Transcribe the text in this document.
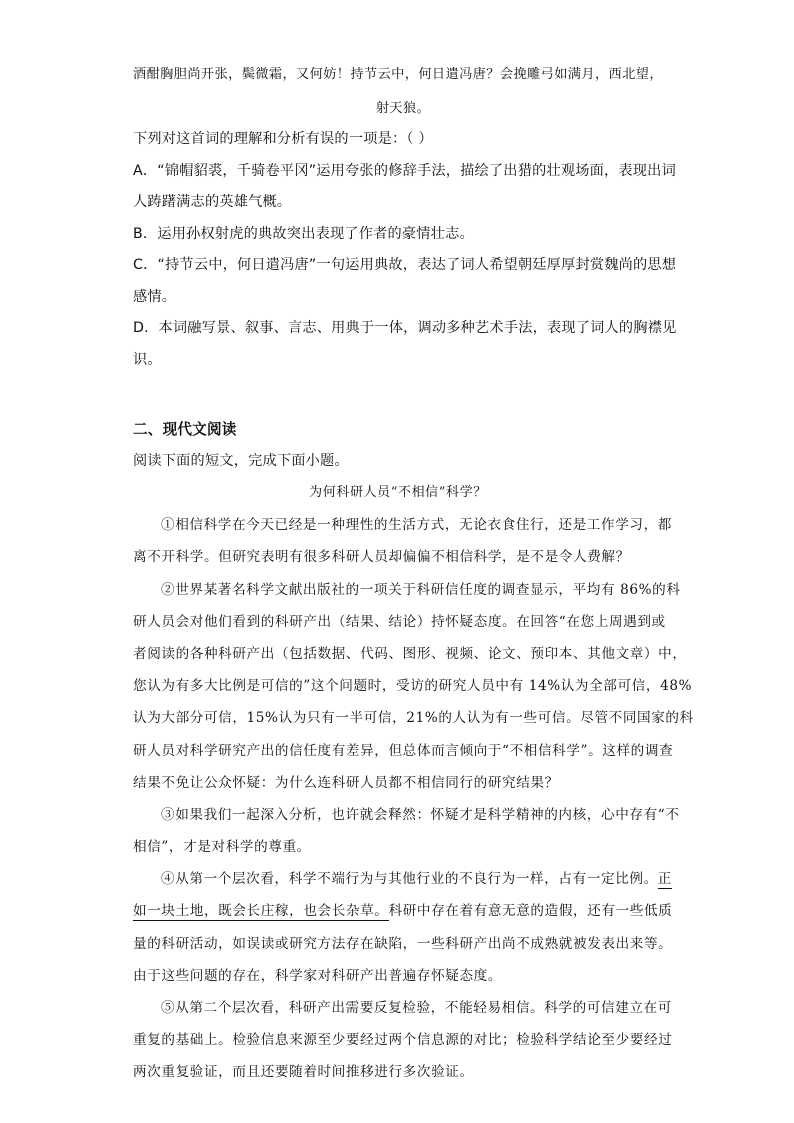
酒酣胸胆尚开张，鬓微霜，又何妨！持节云中，何日遣冯唐？会挽雕弓如满月，西北望，
射天狼。
下列对这首词的理解和分析有误的一项是：（ ）
A．“锦帽貂裘，千骑卷平冈”运用夸张的修辞手法，描绘了出猎的壮观场面，表现出词
人踌躇满志的英雄气概。
B．运用孙权射虎的典故突出表现了作者的豪情壮志。
C．“持节云中，何日遣冯唐”一句运用典故，表达了词人希望朝廷厚厚封赏魏尚的思想
感情。
D．本词融写景、叙事、言志、用典于一体，调动多种艺术手法，表现了词人的胸襟见
识。
二、现代文阅读
阅读下面的短文，完成下面小题。
为何科研人员“不相信”科学？
①相信科学在今天已经是一种理性的生活方式，无论衣食住行，还是工作学习，都
离不开科学。但研究表明有很多科研人员却偏偏不相信科学，是不是令人费解？
②世界某著名科学文献出版社的一项关于科研信任度的调查显示，平均有 86%的科
研人员会对他们看到的科研产出（结果、结论）持怀疑态度。在回答“在您上周遇到或
者阅读的各种科研产出（包括数据、代码、图形、视频、论文、预印本、其他文章）中，
您认为有多大比例是可信的”这个问题时，受访的研究人员中有 14%认为全部可信，48%
认为大部分可信，15%认为只有一半可信，21%的人认为有一些可信。尽管不同国家的科
研人员对科学研究产出的信任度有差异，但总体而言倾向于“不相信科学”。这样的调查
结果不免让公众怀疑：为什么连科研人员都不相信同行的研究结果？
③如果我们一起深入分析，也许就会释然：怀疑才是科学精神的内核，心中存有“不
相信”，才是对科学的尊重。
④从第一个层次看，科学不端行为与其他行业的不良行为一样，占有一定比例。正
如一块土地，既会长庄稼，也会长杂草。科研中存在着有意无意的造假，还有一些低质
量的科研活动，如误读或研究方法存在缺陷，一些科研产出尚不成熟就被发表出来等。
由于这些问题的存在，科学家对科研产出普遍存怀疑态度。
⑤从第二个层次看，科研产出需要反复检验，不能轻易相信。科学的可信建立在可
重复的基础上。检验信息来源至少要经过两个信息源的对比；检验科学结论至少要经过
两次重复验证，而且还要随着时间推移进行多次验证。
